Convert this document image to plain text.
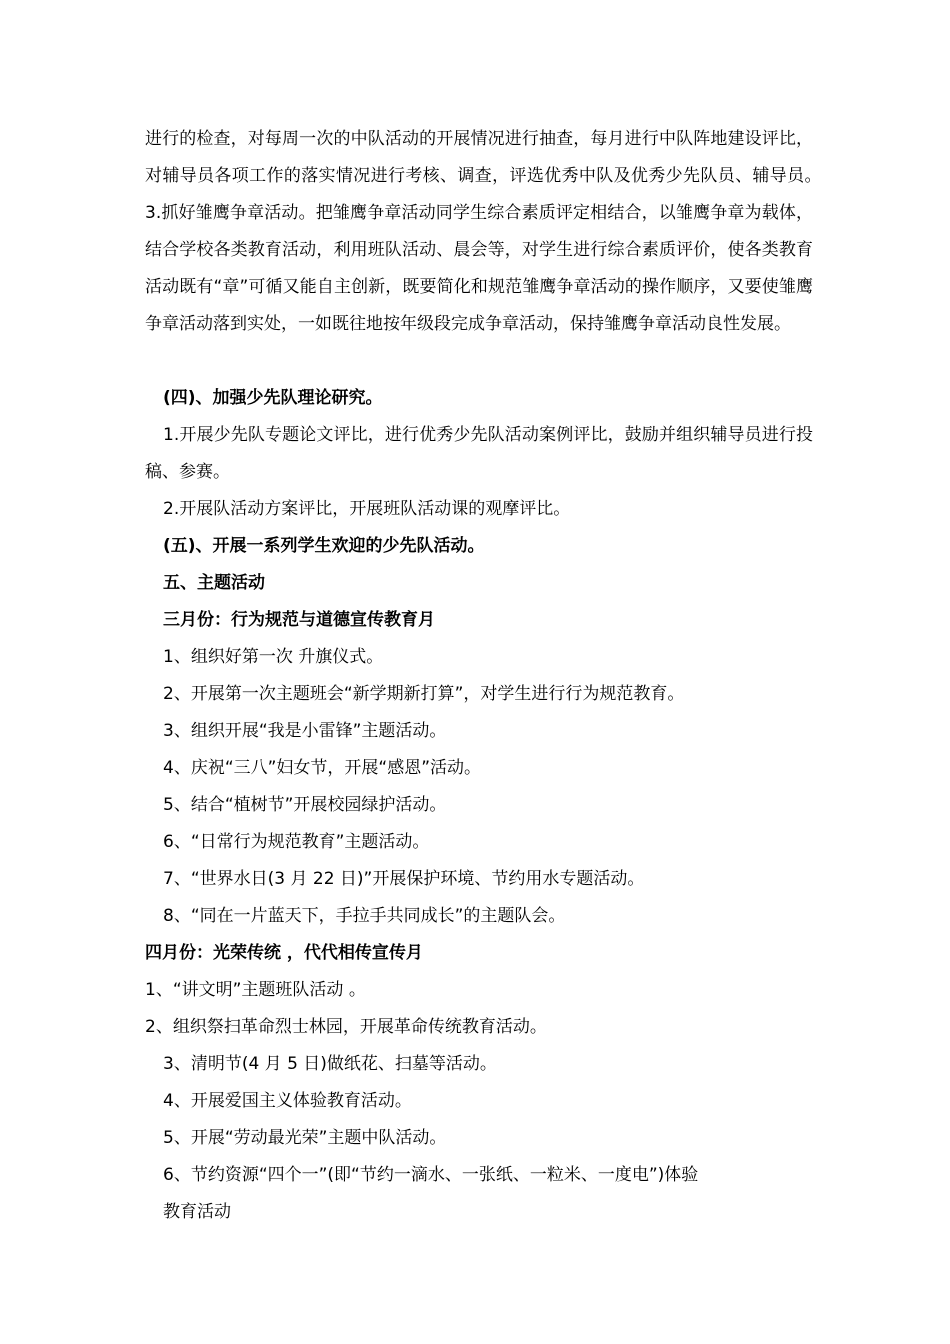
进行的检查，对每周一次的中队活动的开展情况进行抽查，每月进行中队阵地建设评比，对辅导员各项工作的落实情况进行考核、调查，评选优秀中队及优秀少先队员、辅导员。　　　3.抓好雏鹰争章活动。把雏鹰争章活动同学生综合素质评定相结合，以雏鹰争章为载体，结合学校各类教育活动，利用班队活动、晨会等，对学生进行综合素质评价，使各类教育活动既有“章”可循又能自主创新，既要简化和规范雏鹰争章活动的操作顺序，又要使雏鹰争章活动落到实处，一如既往地按年级段完成争章活动，保持雏鹰争章活动良性发展。

(四)、加强少先队理论研究。

1.开展少先队专题论文评比，进行优秀少先队活动案例评比，鼓励并组织辅导员进行投稿、参赛。

2.开展队活动方案评比，开展班队活动课的观摩评比。

(五)、开展一系列学生欢迎的少先队活动。

五、主题活动

三月份：行为规范与道德宣传教育月

1、组织好第一次 升旗仪式。

2、开展第一次主题班会“新学期新打算”，对学生进行行为规范教育。

3、组织开展“我是小雷锋”主题活动。

4、庆祝“三八”妇女节，开展“感恩”活动。

5、结合“植树节”开展校园绿护活动。

6、“日常行为规范教育”主题活动。

7、“世界水日(3 月 22 日)”开展保护环境、节约用水专题活动。

8、“同在一片蓝天下，手拉手共同成长”的主题队会。

四月份：光荣传统 ，代代相传宣传月

1、“讲文明”主题班队活动 。

2、组织祭扫革命烈士林园，开展革命传统教育活动。

3、清明节(4 月 5 日)做纸花、扫墓等活动。

4、开展爱国主义体验教育活动。

5、开展“劳动最光荣”主题中队活动。

6、节约资源“四个一”(即“节约一滴水、一张纸、一粒米、一度电”)体验

教育活动
